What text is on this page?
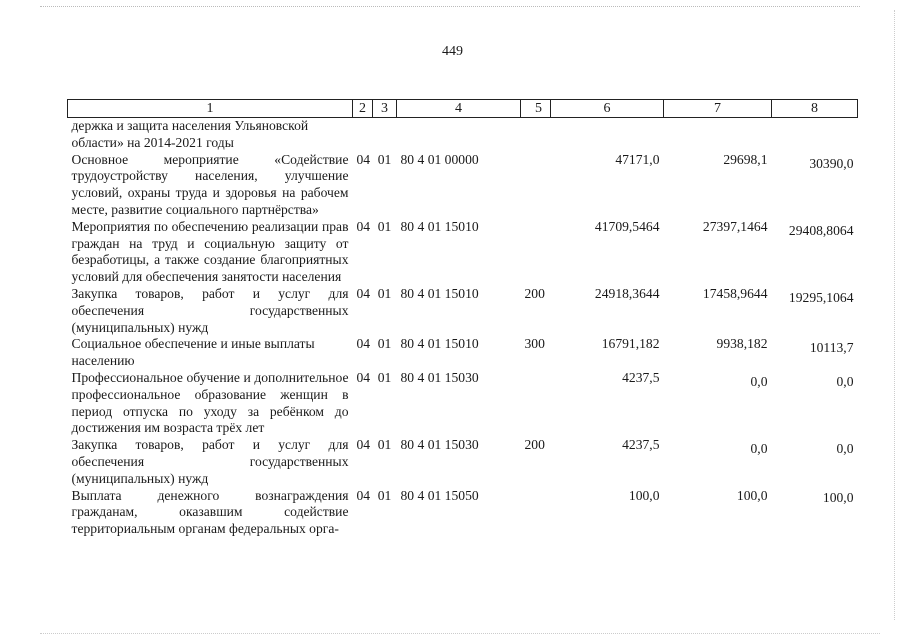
449
1	2	3	4	5	6	7	8
держка и защита населения Ульяновской области» на 2014-2021 годы							
Основное мероприятие «Содействие трудоустройству населения, улучшение условий, охраны труда и здоровья на рабочем месте, развитие социального партнёрства»	04	01	80 4 01 00000		47171,0	29698,1	30390,0
Мероприятия по обеспечению реализации прав граждан на труд и социальную защиту от безработицы, а также создание благоприятных условий для обеспечения занятости населения	04	01	80 4 01 15010		41709,5464	27397,1464	29408,8064
Закупка товаров, работ и услуг для обеспечения государственных (муниципальных) нужд	04	01	80 4 01 15010	200	24918,3644	17458,9644	19295,1064
Социальное обеспечение и иные выплаты населению	04	01	80 4 01 15010	300	16791,182	9938,182	10113,7
Профессиональное обучение и дополнительное профессиональное образование женщин в период отпуска по уходу за ребёнком до достижения им возраста трёх лет	04	01	80 4 01 15030		4237,5	0,0	0,0
Закупка товаров, работ и услуг для обеспечения государственных (муниципальных) нужд	04	01	80 4 01 15030	200	4237,5	0,0	0,0
Выплата денежного вознаграждения гражданам, оказавшим содействие территориальным органам федеральных орга-	04	01	80 4 01 15050		100,0	100,0	100,0
